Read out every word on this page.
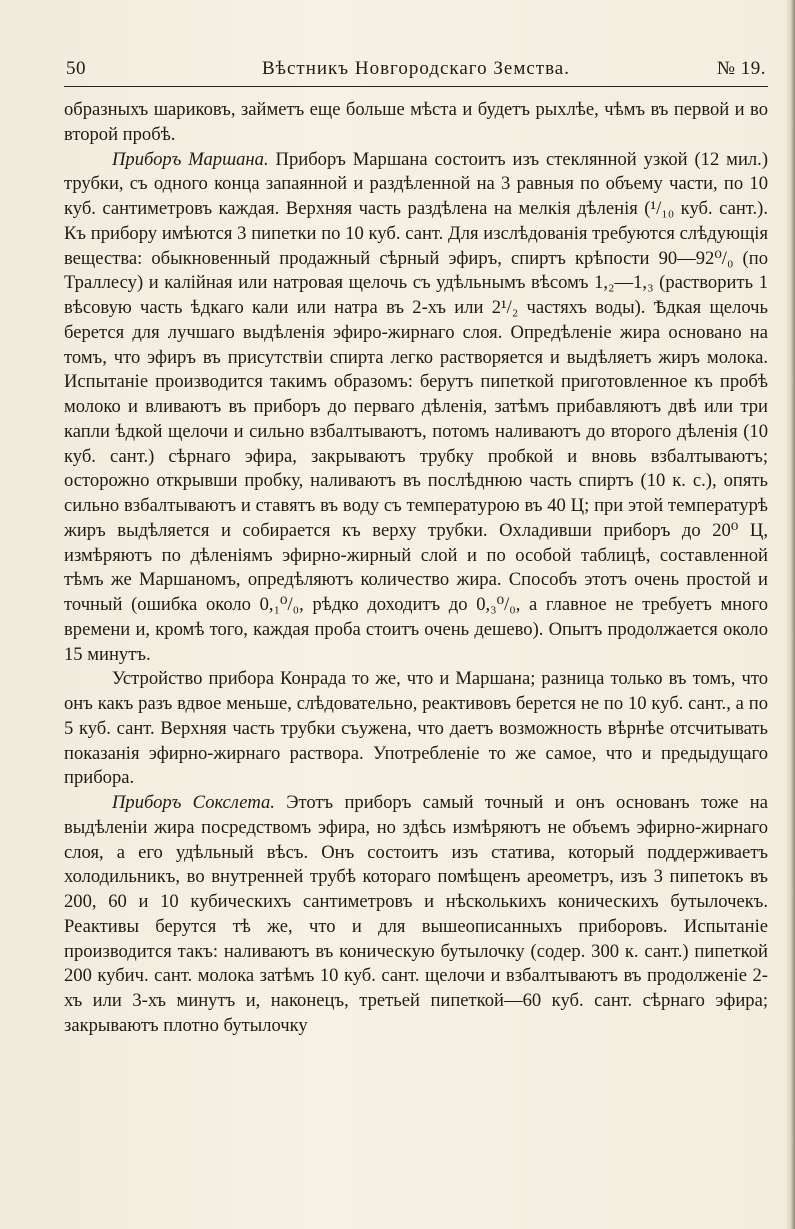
Вѣстникъ Новгородскаго Земства.
50	№ 19.

образныхъ шариковъ, займетъ еще больше мѣста и будетъ рыхлѣе, чѣмъ въ первой и во второй пробѣ.

Приборъ Маршана. Приборъ Маршана состоитъ изъ стеклянной узкой (12 мил.) трубки, съ одного конца запаянной и раздѣленной на 3 равныя по объему части, по 10 куб. сантиметровъ каждая. Верхняя часть раздѣлена на мелкія дѣленія (¹/₁₀ куб. сант.). Къ прибору имѣются 3 пипетки по 10 куб. сант. Для изслѣдованія требуются слѣдующія вещества: обыкновенный продажный сѣрный эфиръ, спиртъ крѣпости 90—92⁰/₀ (по Траллесу) и калійная или натровая щелочь съ удѣльнымъ вѣсомъ 1,₂—1,₃ (растворить 1 вѣсовую часть ѣдкаго кали или натра въ 2-хъ или 2¹/₂ частяхъ воды). Ѣдкая щелочь берется для лучшаго выдѣленія эфиро-жирнаго слоя. Опредѣленіе жира основано на томъ, что эфиръ въ присутствіи спирта легко растворяется и выдѣляетъ жиръ молока. Испытаніе производится такимъ образомъ: берутъ пипеткой приготовленное къ пробѣ молоко и вливаютъ въ приборъ до перваго дѣленія, затѣмъ прибавляютъ двѣ или три капли ѣдкой щелочи и сильно взбалтываютъ, потомъ наливаютъ до второго дѣленія (10 куб. сант.) сѣрнаго эфира, закрываютъ трубку пробкой и вновь взбалтываютъ; осторожно открывши пробку, наливаютъ въ послѣднюю часть спиртъ (10 к. с.), опять сильно взбалтываютъ и ставятъ въ воду съ температурою въ 40 Ц; при этой температурѣ жиръ выдѣляется и собирается къ верху трубки. Охладивши приборъ до 20⁰ Ц, измѣряютъ по дѣленіямъ эфирно-жирный слой и по особой таблицѣ, составленной тѣмъ же Маршаномъ, опредѣляютъ количество жира. Способъ этотъ очень простой и точный (ошибка около 0,₁⁰/₀, рѣдко доходитъ до 0,₃⁰/₀, а главное не требуетъ много времени и, кромѣ того, каждая проба стоитъ очень дешево). Опытъ продолжается около 15 минутъ.

Устройство прибора Конрада то же, что и Маршана; разница только въ томъ, что онъ какъ разъ вдвое меньше, слѣдовательно, реактивовъ берется не по 10 куб. сант., а по 5 куб. сант. Верхняя часть трубки съужена, что даетъ возможность вѣрнѣе отсчитывать показанія эфирно-жирнаго раствора. Употребленіе то же самое, что и предыдущаго прибора.

Приборъ Сокслета. Этотъ приборъ самый точный и онъ основанъ тоже на выдѣленіи жира посредствомъ эфира, но здѣсь измѣряютъ не объемъ эфирно-жирнаго слоя, а его удѣльный вѣсъ. Онъ состоитъ изъ статива, который поддерживаетъ холодильникъ, во внутренней трубѣ котораго помѣщенъ ареометръ, изъ 3 пипетокъ въ 200, 60 и 10 кубическихъ сантиметровъ и нѣсколькихъ коническихъ бутылочекъ. Реактивы берутся тѣ же, что и для вышеописанныхъ приборовъ. Испытаніе производится такъ: наливаютъ въ коническую бутылочку (содер. 300 к. сант.) пипеткой 200 кубич. сант. молока затѣмъ 10 куб. сант. щелочи и взбалтываютъ въ продолженіе 2-хъ или 3-хъ минутъ и, наконецъ, третьей пипеткой—60 куб. сант. сѣрнаго эфира; закрываютъ плотно бутылочку
